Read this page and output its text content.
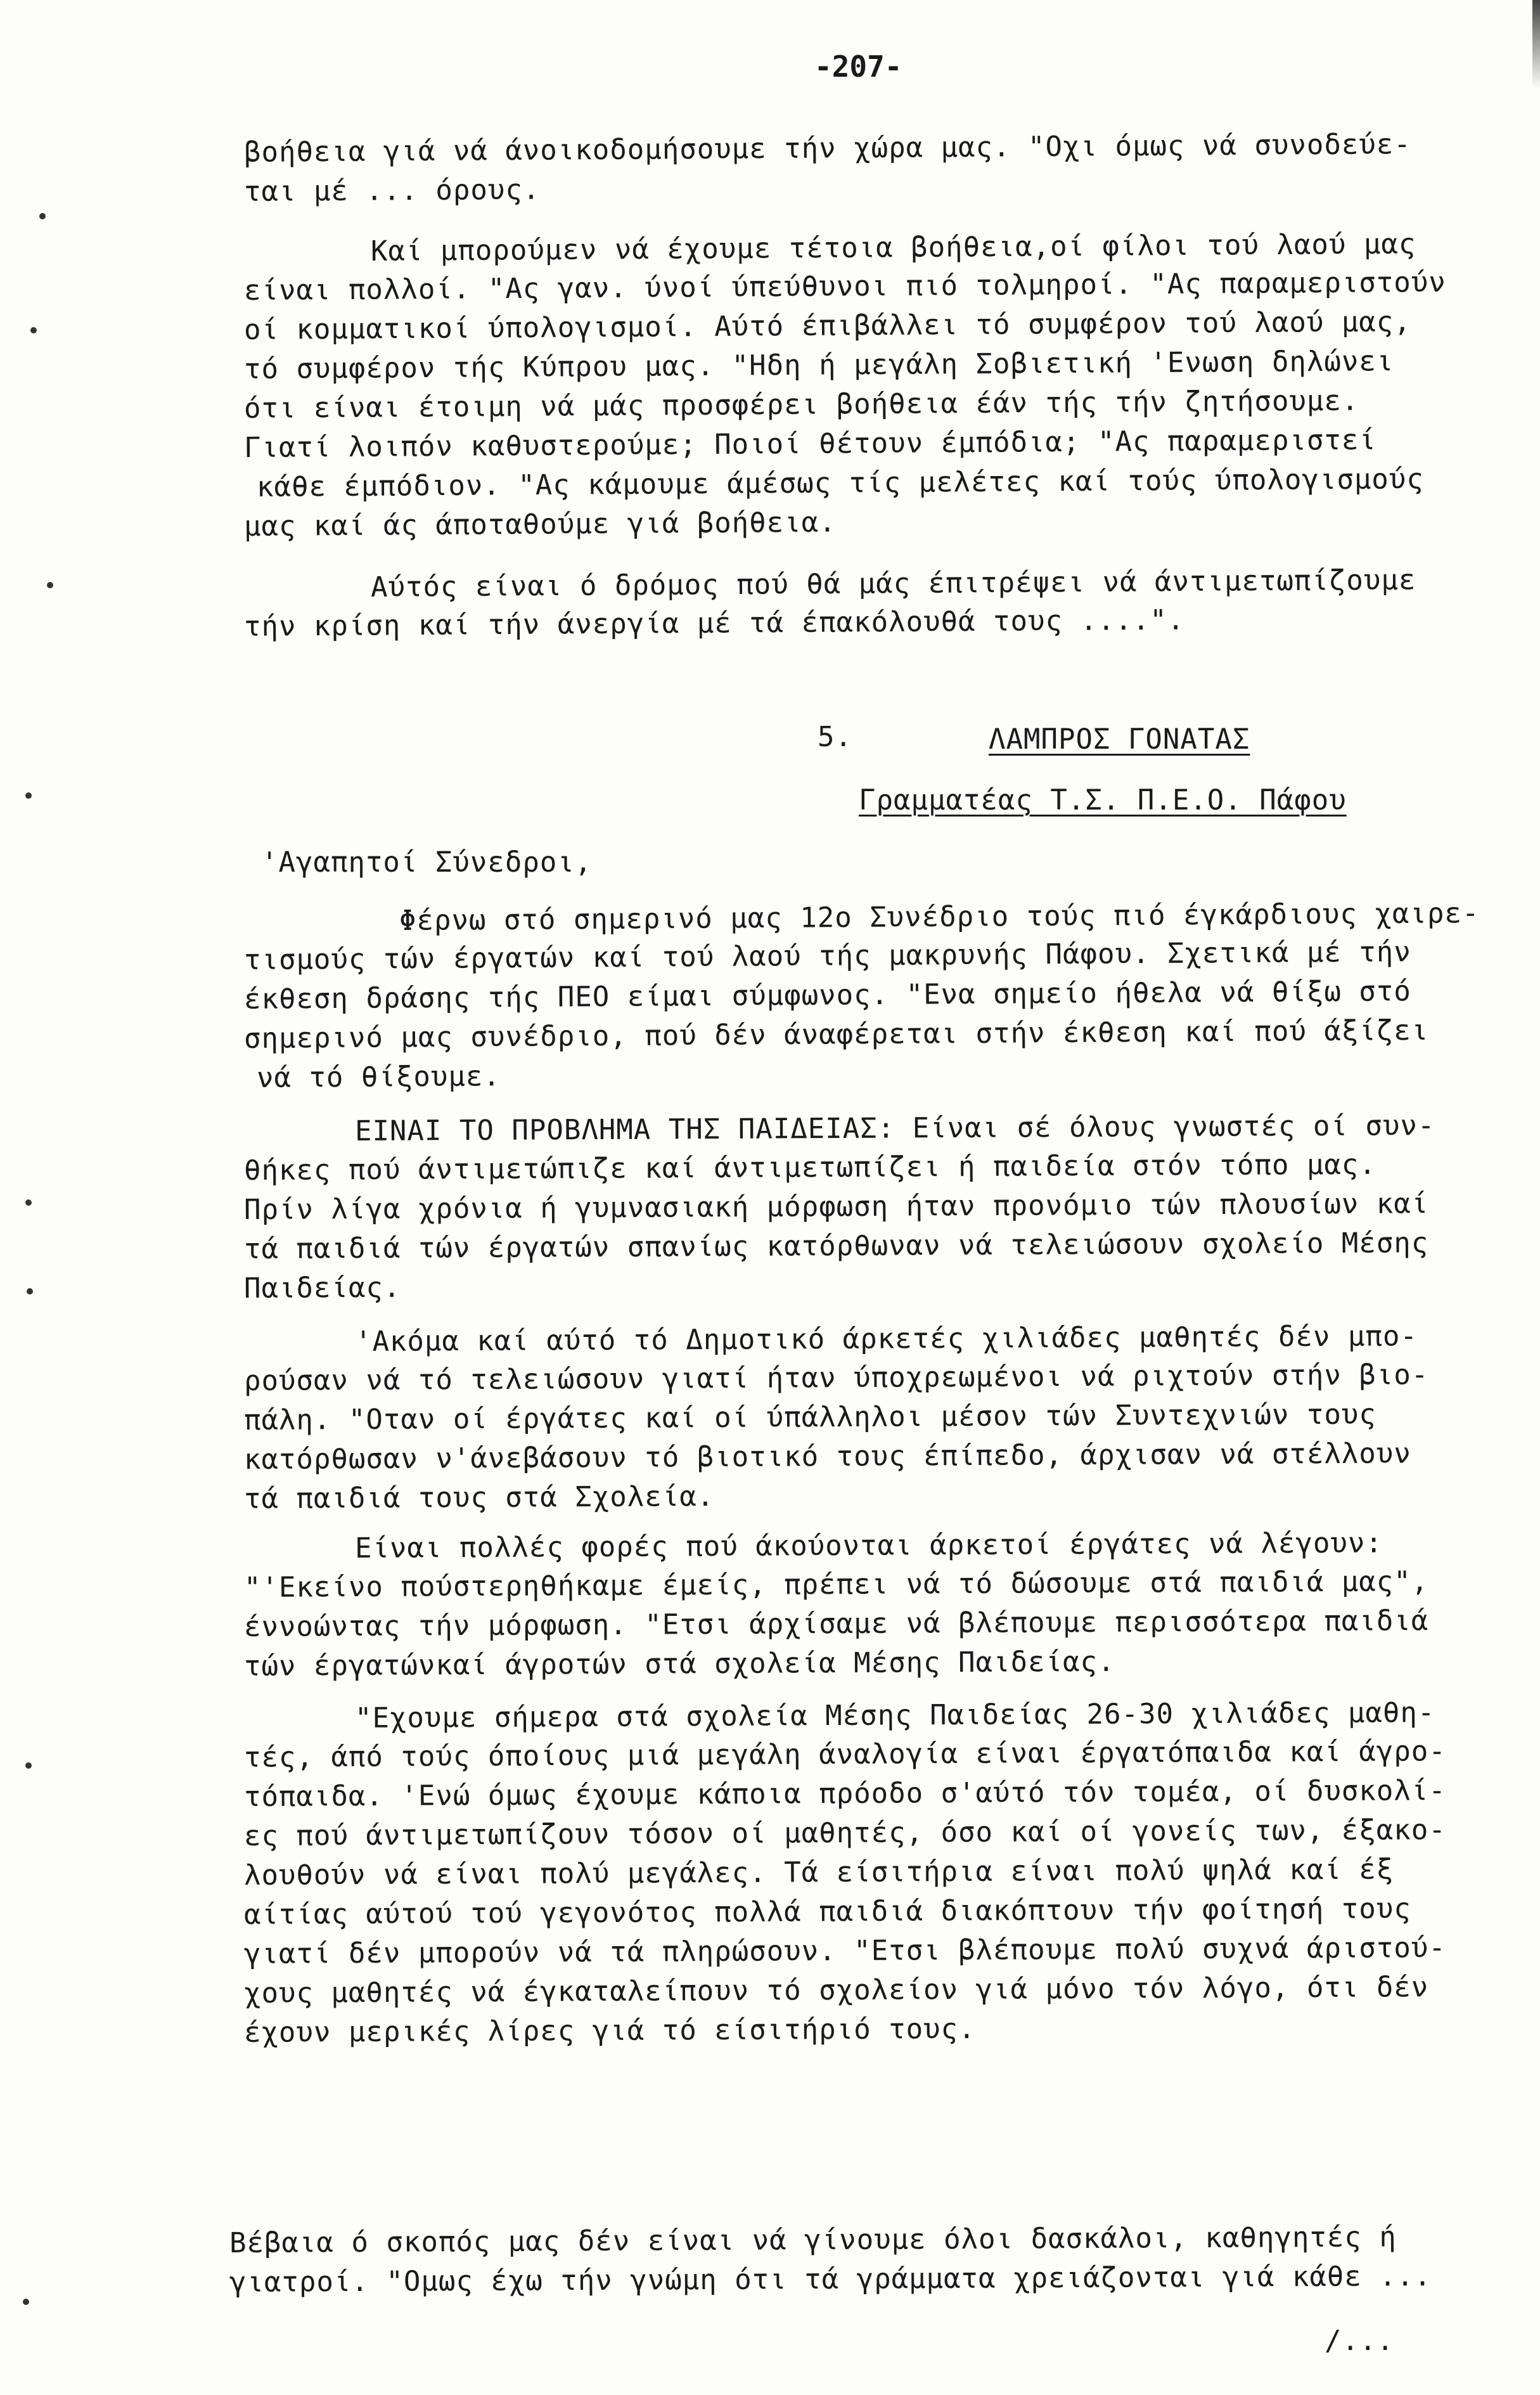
-207-
βοήθεια γιά νά άνοικοδομήσουμε τήν χώρα μας. "Οχι όμως νά συνοδεύε-
ται μέ ... όρους.
Καί μπορούμεν νά έχουμε τέτοια βοήθεια,οί φίλοι τού λαού μας
είναι πολλοί. "Ας γαν. ύνοί ύπεύθυνοι πιό τολμηροί. "Ας παραμεριστούν
οί κομματικοί ύπολογισμοί. Αύτό έπιβάλλει τό συμφέρον τού λαού μας,
τό συμφέρον τής Κύπρου μας. "Ηδη ή μεγάλη Σοβιετική 'Ενωση δηλώνει
ότι είναι έτοιμη νά μάς προσφέρει βοήθεια έάν τής τήν ζητήσουμε.
Γιατί λοιπόν καθυστερούμε; Ποιοί θέτουν έμπόδια; "Ας παραμεριστεί
κάθε έμπόδιον. "Ας κάμουμε άμέσως τίς μελέτες καί τούς ύπολογισμούς
μας καί άς άποταθούμε γιά βοήθεια.
Αύτός είναι ό δρόμος πού θά μάς έπιτρέψει νά άντιμετωπίζουμε
τήν κρίση καί τήν άνεργία μέ τά έπακόλουθά τους ....".
5.	ΛΑΜΠΡΟΣ ΓΟΝΑΤΑΣ
Γραμματέας Τ.Σ. Π.Ε.Ο. Πάφου
'Αγαπητοί Σύνεδροι,
Φέρνω στό σημερινό μας 12ο Συνέδριο τούς πιό έγκάρδιους χαιρε-
τισμούς τών έργατών καί τού λαού τής μακρυνής Πάφου. Σχετικά μέ τήν
έκθεση δράσης τής ΠΕΟ είμαι σύμφωνος. "Ενα σημείο ήθελα νά θίξω στό
σημερινό μας συνέδριο, πού δέν άναφέρεται στήν έκθεση καί πού άξίζει
νά τό θίξουμε.
ΕΙΝΑΙ ΤΟ ΠΡΟΒΛΗΜΑ ΤΗΣ ΠΑΙΔΕΙΑΣ: Είναι σέ όλους γνωστές οί συν-
θήκες πού άντιμετώπιζε καί άντιμετωπίζει ή παιδεία στόν τόπο μας.
Πρίν λίγα χρόνια ή γυμνασιακή μόρφωση ήταν προνόμιο τών πλουσίων καί
τά παιδιά τών έργατών σπανίως κατόρθωναν νά τελειώσουν σχολείο Μέσης
Παιδείας.
'Ακόμα καί αύτό τό Δημοτικό άρκετές χιλιάδες μαθητές δέν μπο-
ρούσαν νά τό τελειώσουν γιατί ήταν ύποχρεωμένοι νά ριχτούν στήν βιο-
πάλη. "Οταν οί έργάτες καί οί ύπάλληλοι μέσον τών Συντεχνιών τους
κατόρθωσαν ν'άνεβάσουν τό βιοτικό τους έπίπεδο, άρχισαν νά στέλλουν
τά παιδιά τους στά Σχολεία.
Είναι πολλές φορές πού άκούονται άρκετοί έργάτες νά λέγουν:
"'Εκείνο πούστερηθήκαμε έμείς, πρέπει νά τό δώσουμε στά παιδιά μας",
έννοώντας τήν μόρφωση. "Ετσι άρχίσαμε νά βλέπουμε περισσότερα παιδιά
τών έργατώνκαί άγροτών στά σχολεία Μέσης Παιδείας.
"Εχουμε σήμερα στά σχολεία Μέσης Παιδείας 26-30 χιλιάδες μαθη-
τές, άπό τούς όποίους μιά μεγάλη άναλογία είναι έργατόπαιδα καί άγρο-
τόπαιδα. 'Ενώ όμως έχουμε κάποια πρόοδο σ'αύτό τόν τομέα, οί δυσκολί-
ες πού άντιμετωπίζουν τόσον οί μαθητές, όσο καί οί γονείς των, έξακο-
λουθούν νά είναι πολύ μεγάλες. Τά είσιτήρια είναι πολύ ψηλά καί έξ
αίτίας αύτού τού γεγονότος πολλά παιδιά διακόπτουν τήν φοίτησή τους
γιατί δέν μπορούν νά τά πληρώσουν. "Ετσι βλέπουμε πολύ συχνά άριστού-
χους μαθητές νά έγκαταλείπουν τό σχολείον γιά μόνο τόν λόγο, ότι δέν
έχουν μερικές λίρες γιά τό είσιτήριό τους.
Βέβαια ό σκοπός μας δέν είναι νά γίνουμε όλοι δασκάλοι, καθηγητές ή
γιατροί. "Ομως έχω τήν γνώμη ότι τά γράμματα χρειάζονται γιά κάθε ...
/...
